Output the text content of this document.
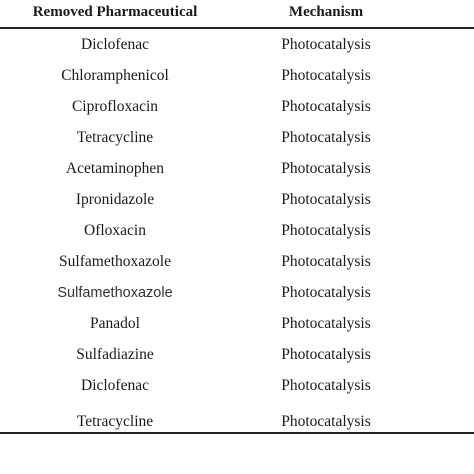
Removed Pharmaceutical	Mechanism
Diclofenac	Photocatalysis
Chloramphenicol	Photocatalysis
Ciprofloxacin	Photocatalysis
Tetracycline	Photocatalysis
Acetaminophen	Photocatalysis
Ipronidazole	Photocatalysis
Ofloxacin	Photocatalysis
Sulfamethoxazole	Photocatalysis
Sulfamethoxazole	Photocatalysis
Panadol	Photocatalysis
Sulfadiazine	Photocatalysis
Diclofenac	Photocatalysis
Tetracycline	Photocatalysis
